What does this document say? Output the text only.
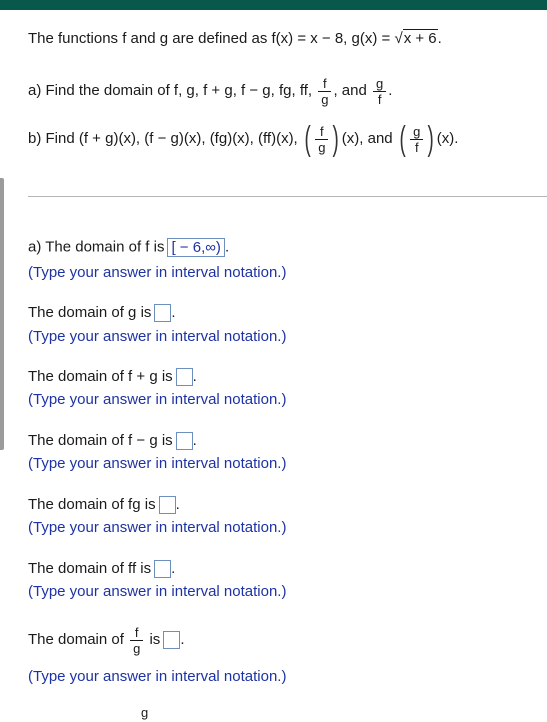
The functions f and g are defined as f(x) = x − 8, g(x) = √x + 6.
a) Find the domain of f, g, f + g, f − g, fg, ff, $\frac{f}{g}$ , and $\frac{g}{f}$ .
b) Find (f + g)(x), (f − g)(x), (fg)(x), (ff)(x), ( $\frac{f}{g}$ ) (x), and ( $\frac{g}{f}$ ) (x).
a) The domain of f is [ − 6,∞) .
(Type your answer in interval notation.)
The domain of g is .
(Type your answer in interval notation.)
The domain of f + g is .
(Type your answer in interval notation.)
The domain of f − g is .
(Type your answer in interval notation.)
The domain of fg is .
(Type your answer in interval notation.)
The domain of ff is .
(Type your answer in interval notation.)
The domain of $\frac{f}{g}$ is .
(Type your answer in interval notation.)
g
